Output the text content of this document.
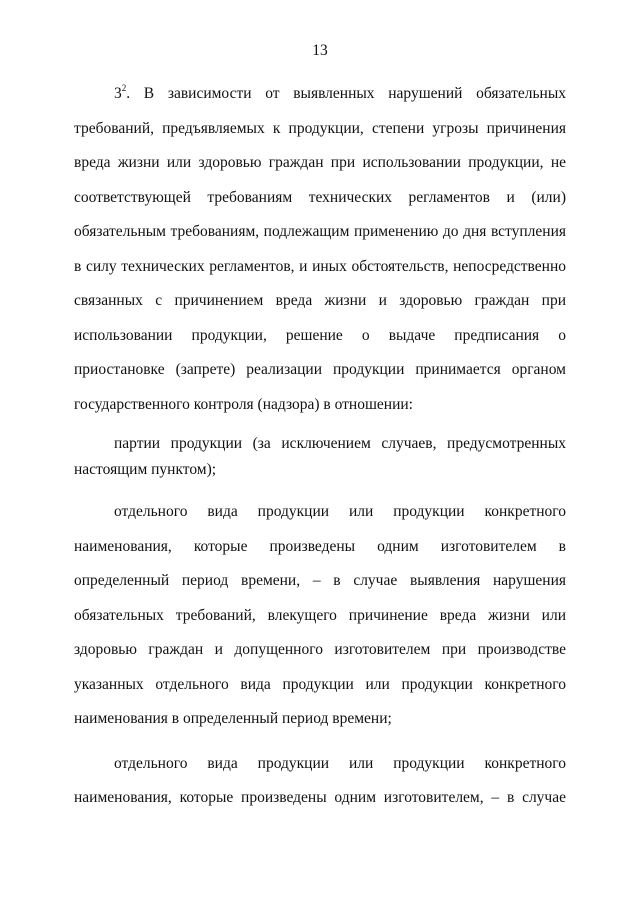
13

$3^2$. В зависимости от выявленных нарушений обязательных требований, предъявляемых к продукции, степени угрозы причинения вреда жизни или здоровью граждан при использовании продукции, не соответствующей требованиям технических регламентов и (или) обязательным требованиям, подлежащим применению до дня вступления в силу технических регламентов, и иных обстоятельств, непосредственно связанных с причинением вреда жизни и здоровью граждан при использовании продукции, решение о выдаче предписания о приостановке (запрете) реализации продукции принимается органом государственного контроля (надзора) в отношении:

партии продукции (за исключением случаев, предусмотренных настоящим пунктом);

отдельного вида продукции или продукции конкретного наименования, которые произведены одним изготовителем в определенный период времени, – в случае выявления нарушения обязательных требований, влекущего причинение вреда жизни или здоровью граждан и допущенного изготовителем при производстве указанных отдельного вида продукции или продукции конкретного наименования в определенный период времени;

отдельного вида продукции или продукции конкретного наименования, которые произведены одним изготовителем, – в случае
